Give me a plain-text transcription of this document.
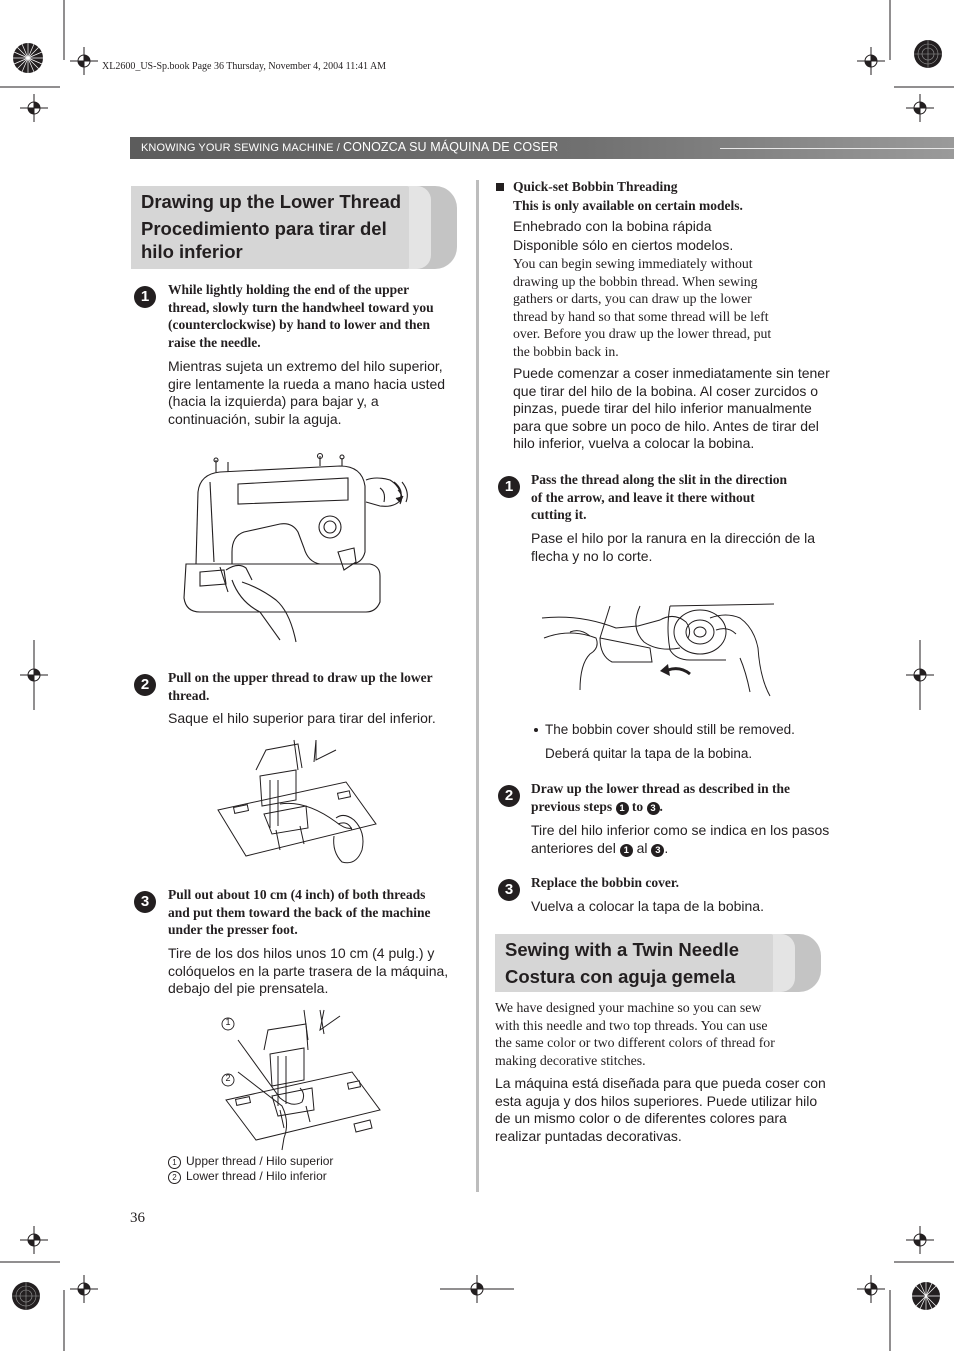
XL2600_US-Sp.book Page 36 Thursday, November 4, 2004 11:41 AM
KNOWING YOUR SEWING MACHINE / CONOZCA SU MÁQUINA DE COSER
Drawing up the Lower Thread
Procedimiento para tirar del
hilo inferior
1	While lightly holding the end of the upper
thread, slowly turn the handwheel toward you
(counterclockwise) by hand to lower and then
raise the needle.
Mientras sujeta un extremo del hilo superior,
gire lentamente la rueda a mano hacia usted
(hacia la izquierda) para bajar y, a
continuación, subir la aguja.
2	Pull on the upper thread to draw up the lower
thread.
Saque el hilo superior para tirar del inferior.
3	Pull out about 10 cm (4 inch) of both threads
and put them toward the back of the machine
under the presser foot.
Tire de los dos hilos unos 10 cm (4 pulg.) y
colóquelos en la parte trasera de la máquina,
debajo del pie prensatela.
1
2
1 Upper thread / Hilo superior
2 Lower thread / Hilo inferior
36
Quick-set Bobbin Threading
This is only available on certain models.
Enhebrado con la bobina rápida
Disponible sólo en ciertos modelos.
You can begin sewing immediately without
drawing up the bobbin thread. When sewing
gathers or darts, you can draw up the lower
thread by hand so that some thread will be left
over. Before you draw up the lower thread, put
the bobbin back in.
Puede comenzar a coser inmediatamente sin tener
que tirar del hilo de la bobina. Al coser zurcidos o
pinzas, puede tirar del hilo inferior manualmente
para que sobre un poco de hilo. Antes de tirar del
hilo inferior, vuelva a colocar la bobina.
1	Pass the thread along the slit in the direction
of the arrow, and leave it there without
cutting it.
Pase el hilo por la ranura en la dirección de la
flecha y no lo corte.
The bobbin cover should still be removed.
Deberá quitar la tapa de la bobina.
2	Draw up the lower thread as described in the
previous steps 1 to 3 .
Tire del hilo inferior como se indica en los pasos
anteriores del 1 al 3 .
3	Replace the bobbin cover.
Vuelva a colocar la tapa de la bobina.
Sewing with a Twin Needle
Costura con aguja gemela
We have designed your machine so you can sew
with this needle and two top threads. You can use
the same color or two different colors of thread for
making decorative stitches.
La máquina está diseñada para que pueda coser con
esta aguja y dos hilos superiores. Puede utilizar hilo
de un mismo color o de diferentes colores para
realizar puntadas decorativas.
